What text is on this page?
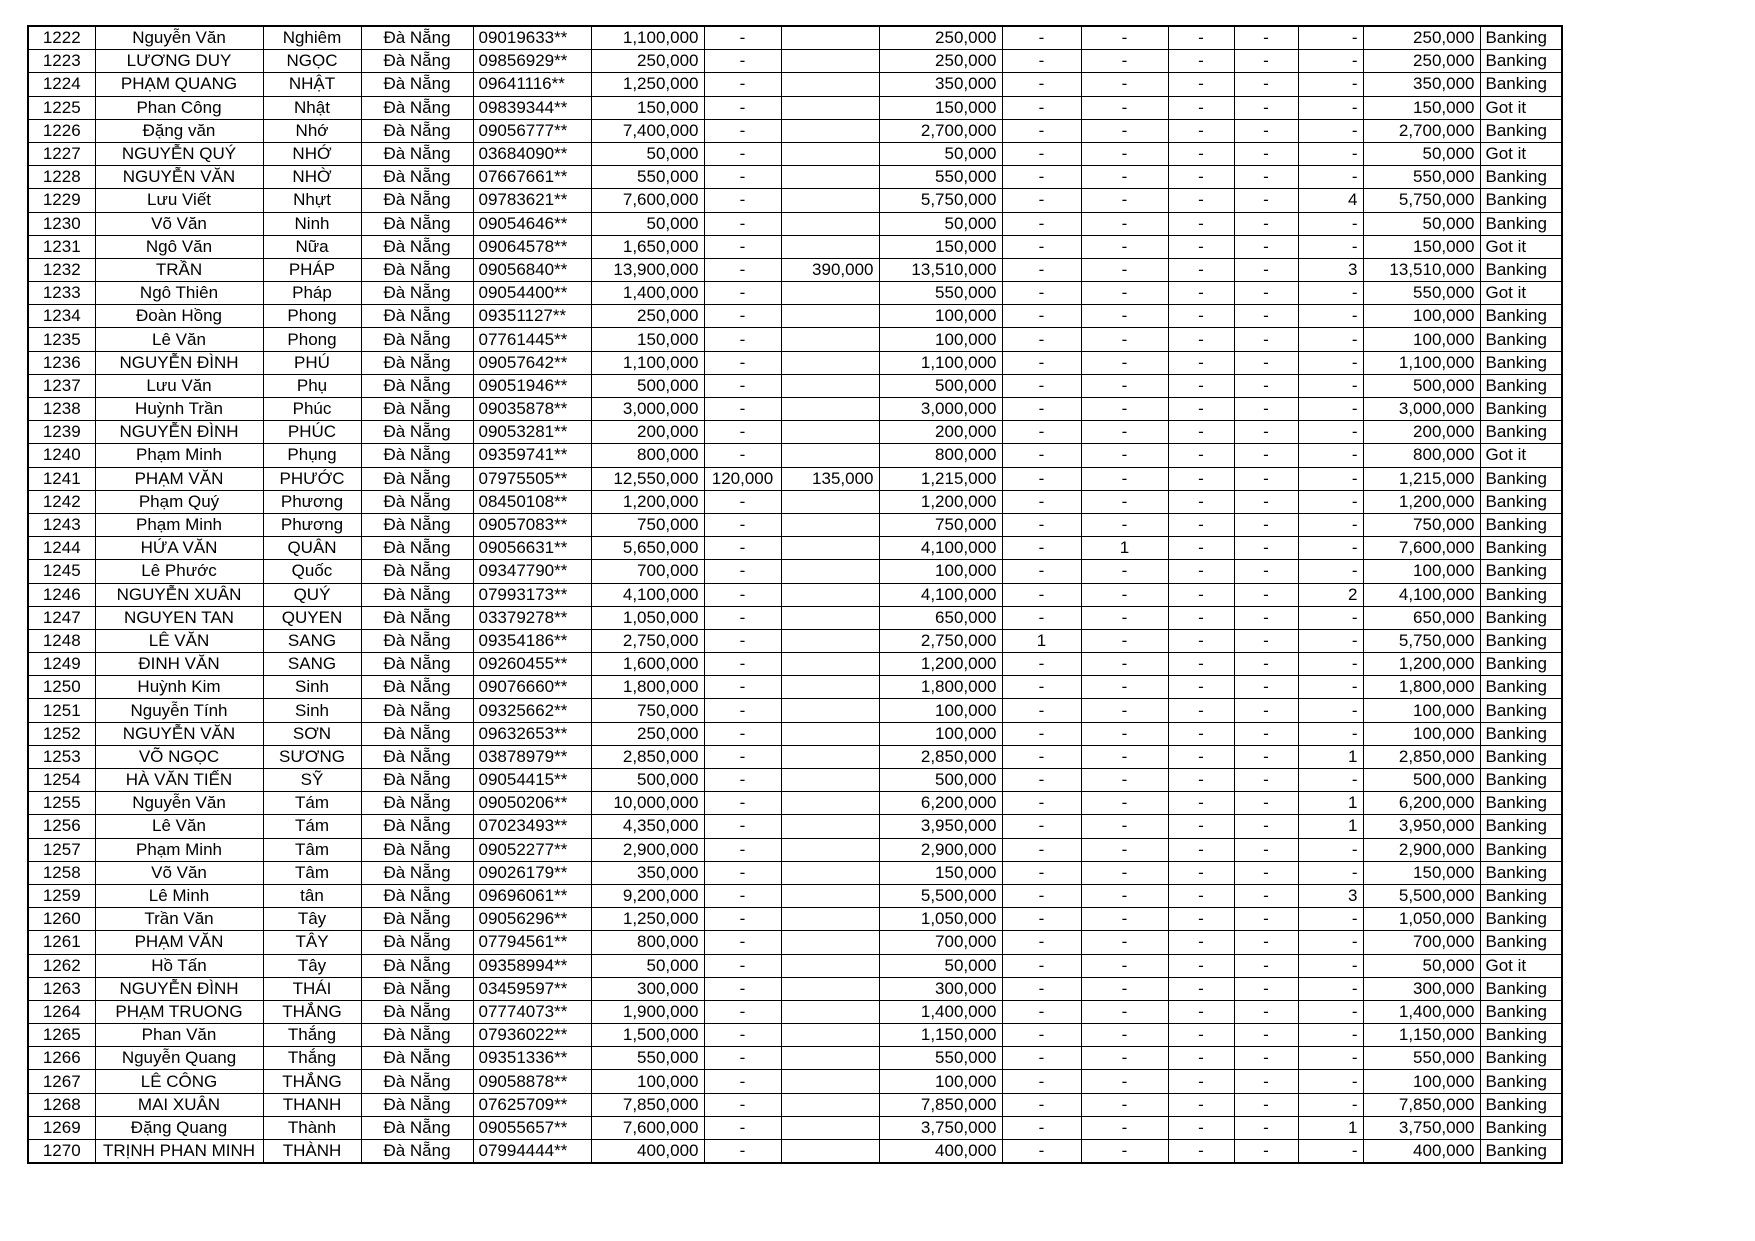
1222	Nguyễn Văn	Nghiêm	Đà Nẵng	09019633**	1,100,000	-		250,000	-	-	-	-	-	250,000	Banking
1223	LƯƠNG DUY	NGỌC	Đà Nẵng	09856929**	250,000	-		250,000	-	-	-	-	-	250,000	Banking
1224	PHẠM QUANG	NHẬT	Đà Nẵng	09641116**	1,250,000	-		350,000	-	-	-	-	-	350,000	Banking
1225	Phan Công	Nhật	Đà Nẵng	09839344**	150,000	-		150,000	-	-	-	-	-	150,000	Got it
1226	Đặng văn	Nhớ	Đà Nẵng	09056777**	7,400,000	-		2,700,000	-	-	-	-	-	2,700,000	Banking
1227	NGUYỄN QUÝ	NHỚ	Đà Nẵng	03684090**	50,000	-		50,000	-	-	-	-	-	50,000	Got it
1228	NGUYỄN VĂN	NHỜ	Đà Nẵng	07667661**	550,000	-		550,000	-	-	-	-	-	550,000	Banking
1229	Lưu Viết	Nhựt	Đà Nẵng	09783621**	7,600,000	-		5,750,000	-	-	-	-	4	5,750,000	Banking
1230	Võ Văn	Ninh	Đà Nẵng	09054646**	50,000	-		50,000	-	-	-	-	-	50,000	Banking
1231	Ngô Văn	Nữa	Đà Nẵng	09064578**	1,650,000	-		150,000	-	-	-	-	-	150,000	Got it
1232	TRẦN	PHÁP	Đà Nẵng	09056840**	13,900,000	-	390,000	13,510,000	-	-	-	-	3	13,510,000	Banking
1233	Ngô Thiên	Pháp	Đà Nẵng	09054400**	1,400,000	-		550,000	-	-	-	-	-	550,000	Got it
1234	Đoàn Hồng	Phong	Đà Nẵng	09351127**	250,000	-		100,000	-	-	-	-	-	100,000	Banking
1235	Lê Văn	Phong	Đà Nẵng	07761445**	150,000	-		100,000	-	-	-	-	-	100,000	Banking
1236	NGUYỄN ĐÌNH	PHÚ	Đà Nẵng	09057642**	1,100,000	-		1,100,000	-	-	-	-	-	1,100,000	Banking
1237	Lưu Văn	Phụ	Đà Nẵng	09051946**	500,000	-		500,000	-	-	-	-	-	500,000	Banking
1238	Huỳnh Trần	Phúc	Đà Nẵng	09035878**	3,000,000	-		3,000,000	-	-	-	-	-	3,000,000	Banking
1239	NGUYỄN ĐÌNH	PHÚC	Đà Nẵng	09053281**	200,000	-		200,000	-	-	-	-	-	200,000	Banking
1240	Phạm Minh	Phụng	Đà Nẵng	09359741**	800,000	-		800,000	-	-	-	-	-	800,000	Got it
1241	PHẠM VĂN	PHƯỚC	Đà Nẵng	07975505**	12,550,000	120,000	135,000	1,215,000	-	-	-	-	-	1,215,000	Banking
1242	Phạm Quý	Phương	Đà Nẵng	08450108**	1,200,000	-		1,200,000	-	-	-	-	-	1,200,000	Banking
1243	Phạm Minh	Phương	Đà Nẵng	09057083**	750,000	-		750,000	-	-	-	-	-	750,000	Banking
1244	HỨA VĂN	QUÂN	Đà Nẵng	09056631**	5,650,000	-		4,100,000	-	1	-	-	-	7,600,000	Banking
1245	Lê Phước	Quốc	Đà Nẵng	09347790**	700,000	-		100,000	-	-	-	-	-	100,000	Banking
1246	NGUYỄN XUÂN	QUÝ	Đà Nẵng	07993173**	4,100,000	-		4,100,000	-	-	-	-	2	4,100,000	Banking
1247	NGUYEN TAN	QUYEN	Đà Nẵng	03379278**	1,050,000	-		650,000	-	-	-	-	-	650,000	Banking
1248	LÊ VĂN	SANG	Đà Nẵng	09354186**	2,750,000	-		2,750,000	1	-	-	-	-	5,750,000	Banking
1249	ĐINH VĂN	SANG	Đà Nẵng	09260455**	1,600,000	-		1,200,000	-	-	-	-	-	1,200,000	Banking
1250	Huỳnh Kim	Sinh	Đà Nẵng	09076660**	1,800,000	-		1,800,000	-	-	-	-	-	1,800,000	Banking
1251	Nguyễn Tính	Sinh	Đà Nẵng	09325662**	750,000	-		100,000	-	-	-	-	-	100,000	Banking
1252	NGUYỄN VĂN	SƠN	Đà Nẵng	09632653**	250,000	-		100,000	-	-	-	-	-	100,000	Banking
1253	VÕ NGỌC	SƯƠNG	Đà Nẵng	03878979**	2,850,000	-		2,850,000	-	-	-	-	1	2,850,000	Banking
1254	HÀ VĂN TIẾN	SỸ	Đà Nẵng	09054415**	500,000	-		500,000	-	-	-	-	-	500,000	Banking
1255	Nguyễn Văn	Tám	Đà Nẵng	09050206**	10,000,000	-		6,200,000	-	-	-	-	1	6,200,000	Banking
1256	Lê Văn	Tám	Đà Nẵng	07023493**	4,350,000	-		3,950,000	-	-	-	-	1	3,950,000	Banking
1257	Phạm Minh	Tâm	Đà Nẵng	09052277**	2,900,000	-		2,900,000	-	-	-	-	-	2,900,000	Banking
1258	Võ Văn	Tâm	Đà Nẵng	09026179**	350,000	-		150,000	-	-	-	-	-	150,000	Banking
1259	Lê Minh	tân	Đà Nẵng	09696061**	9,200,000	-		5,500,000	-	-	-	-	3	5,500,000	Banking
1260	Trần Văn	Tây	Đà Nẵng	09056296**	1,250,000	-		1,050,000	-	-	-	-	-	1,050,000	Banking
1261	PHẠM VĂN	TÂY	Đà Nẵng	07794561**	800,000	-		700,000	-	-	-	-	-	700,000	Banking
1262	Hồ Tấn	Tây	Đà Nẵng	09358994**	50,000	-		50,000	-	-	-	-	-	50,000	Got it
1263	NGUYỄN ĐÌNH	THÁI	Đà Nẵng	03459597**	300,000	-		300,000	-	-	-	-	-	300,000	Banking
1264	PHẠM TRUONG	THẮNG	Đà Nẵng	07774073**	1,900,000	-		1,400,000	-	-	-	-	-	1,400,000	Banking
1265	Phan Văn	Thắng	Đà Nẵng	07936022**	1,500,000	-		1,150,000	-	-	-	-	-	1,150,000	Banking
1266	Nguyễn Quang	Thắng	Đà Nẵng	09351336**	550,000	-		550,000	-	-	-	-	-	550,000	Banking
1267	LÊ CÔNG	THẮNG	Đà Nẵng	09058878**	100,000	-		100,000	-	-	-	-	-	100,000	Banking
1268	MAI XUÂN	THANH	Đà Nẵng	07625709**	7,850,000	-		7,850,000	-	-	-	-	-	7,850,000	Banking
1269	Đặng Quang	Thành	Đà Nẵng	09055657**	7,600,000	-		3,750,000	-	-	-	-	1	3,750,000	Banking
1270	TRỊNH PHAN MINH	THÀNH	Đà Nẵng	07994444**	400,000	-		400,000	-	-	-	-	-	400,000	Banking
